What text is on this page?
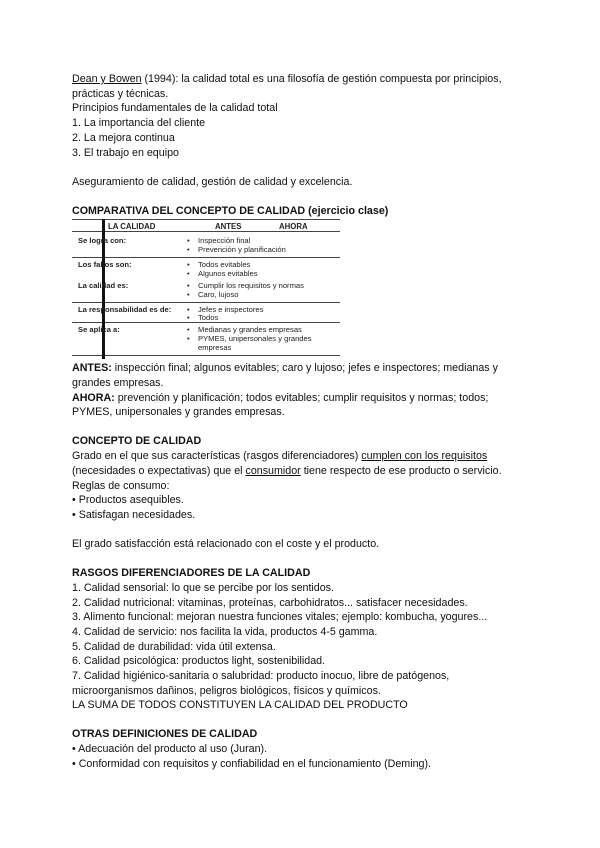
Dean y Bowen (1994): la calidad total es una filosofía de gestión compuesta por principios,
prácticas y técnicas.
Principios fundamentales de la calidad total
1. La importancia del cliente
2. La mejora continua
3. El trabajo en equipo
Aseguramiento de calidad, gestión de calidad y excelencia.
COMPARATIVA DEL CONCEPTO DE CALIDAD (ejercicio clase)
LA CALIDAD	ANTES	AHORA
Se logra con:	• Inspección final
• Prevención y planificación
Los fallos son:	• Todos evitables
• Algunos evitables
La calidad es:	• Cumplir los requisitos y normas
• Caro, lujoso
La responsabilidad es de:	• Jefes e inspectores
• Todos
Se aplica a:	• Medianas y grandes empresas
• PYMES, unipersonales y grandes
empresas
ANTES: inspección final; algunos evitables; caro y lujoso; jefes e inspectores; medianas y
grandes empresas.
AHORA: prevención y planificación; todos evitables; cumplir requisitos y normas; todos;
PYMES, unipersonales y grandes empresas.
CONCEPTO DE CALIDAD
Grado en el que sus características (rasgos diferenciadores) cumplen con los requisitos
(necesidades o expectativas) que el consumidor tiene respecto de ese producto o servicio.
Reglas de consumo:
• Productos asequibles.
• Satisfagan necesidades.
El grado satisfacción está relacionado con el coste y el producto.
RASGOS DIFERENCIADORES DE LA CALIDAD
1. Calidad sensorial: lo que se percibe por los sentidos.
2. Calidad nutricional: vitaminas, proteínas, carbohidratos... satisfacer necesidades.
3. Alimento funcional: mejoran nuestra funciones vitales; ejemplo: kombucha, yogures...
4. Calidad de servicio: nos facilita la vida, productos 4-5 gamma.
5. Calidad de durabilidad: vida útil extensa.
6. Calidad psicológica: productos light, sostenibilidad.
7. Calidad higiénico-sanitaria o salubridad: producto inocuo, libre de patógenos,
microorganismos dañinos, peligros biológicos, físicos y químicos.
LA SUMA DE TODOS CONSTITUYEN LA CALIDAD DEL PRODUCTO
OTRAS DEFINICIONES DE CALIDAD
• Adecuación del producto al uso (Juran).
• Conformidad con requisitos y confiabilidad en el funcionamiento (Deming).
